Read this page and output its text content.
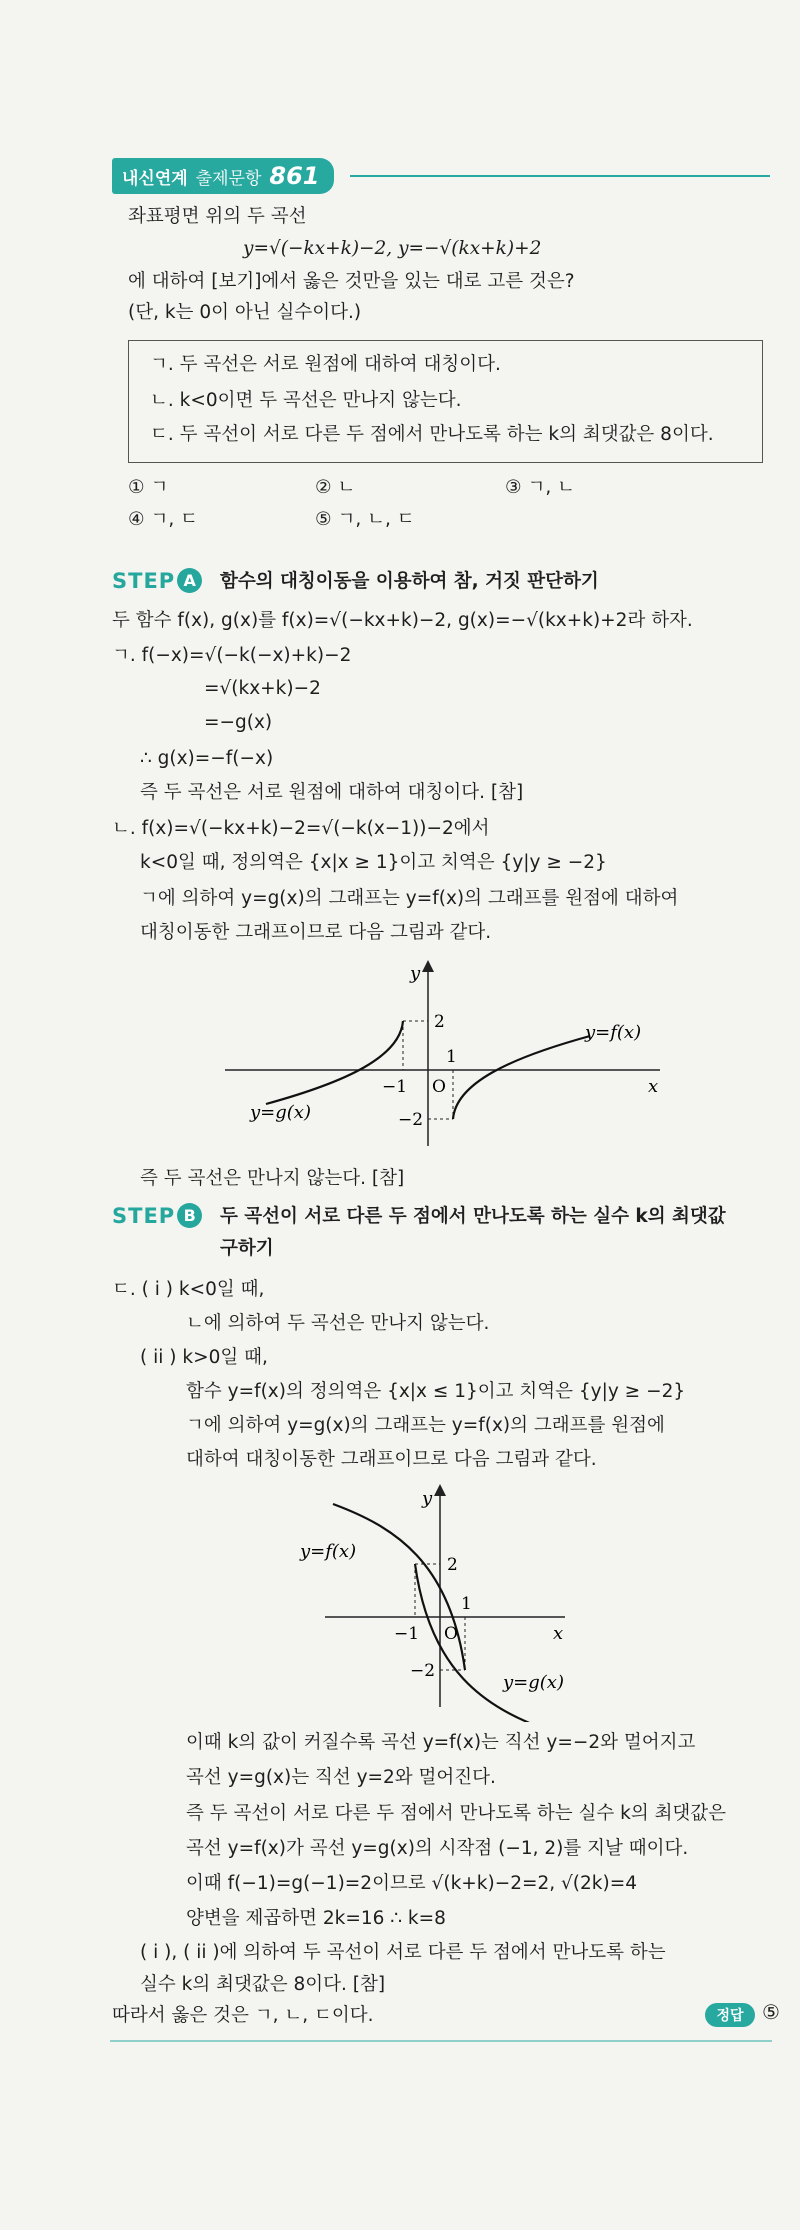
내신연계 출제문항 861
좌표평면 위의 두 곡선
y=√(−kx+k)−2, y=−√(kx+k)+2
에 대하여 [보기]에서 옳은 것만을 있는 대로 고른 것은?
(단, k는 0이 아닌 실수이다.)
ㄱ. 두 곡선은 서로 원점에 대하여 대칭이다.
ㄴ. k<0이면 두 곡선은 만나지 않는다.
ㄷ. 두 곡선이 서로 다른 두 점에서 만나도록 하는 k의 최댓값은 8이다.
① ㄱ	② ㄴ	③ ㄱ, ㄴ
④ ㄱ, ㄷ	⑤ ㄱ, ㄴ, ㄷ
STEP A	함수의 대칭이동을 이용하여 참, 거짓 판단하기
두 함수 f(x), g(x)를 f(x)=√(−kx+k)−2, g(x)=−√(kx+k)+2라 하자.
ㄱ. f(−x)=√(−k(−x)+k)−2
=√(kx+k)−2
=−g(x)
∴ g(x)=−f(−x)
즉 두 곡선은 서로 원점에 대하여 대칭이다. [참]
ㄴ. f(x)=√(−kx+k)−2=√(−k(x−1))−2에서
k<0일 때, 정의역은 {x|x ≥ 1}이고 치역은 {y|y ≥ −2}
ㄱ에 의하여 y=g(x)의 그래프는 y=f(x)의 그래프를 원점에 대하여
대칭이동한 그래프이므로 다음 그림과 같다.
y
x
2
−1 O
1
−2
y=f(x)
y=g(x)
즉 두 곡선은 만나지 않는다. [참]
STEP B	두 곡선이 서로 다른 두 점에서 만나도록 하는 실수 k의 최댓값
구하기
ㄷ. ( i ) k<0일 때,
ㄴ에 의하여 두 곡선은 만나지 않는다.
( ii ) k>0일 때,
함수 y=f(x)의 정의역은 {x|x ≤ 1}이고 치역은 {y|y ≥ −2}
ㄱ에 의하여 y=g(x)의 그래프는 y=f(x)의 그래프를 원점에
대하여 대칭이동한 그래프이므로 다음 그림과 같다.
y
x
2
−1 O
1
−2
y=f(x)
y=g(x)
이때 k의 값이 커질수록 곡선 y=f(x)는 직선 y=−2와 멀어지고
곡선 y=g(x)는 직선 y=2와 멀어진다.
즉 두 곡선이 서로 다른 두 점에서 만나도록 하는 실수 k의 최댓값은
곡선 y=f(x)가 곡선 y=g(x)의 시작점 (−1, 2)를 지날 때이다.
이때 f(−1)=g(−1)=2이므로 √(k+k)−2=2, √(2k)=4
양변을 제곱하면 2k=16 ∴ k=8
( i ), ( ii )에 의하여 두 곡선이 서로 다른 두 점에서 만나도록 하는
실수 k의 최댓값은 8이다. [참]
따라서 옳은 것은 ㄱ, ㄴ, ㄷ이다.	정답 ⑤
